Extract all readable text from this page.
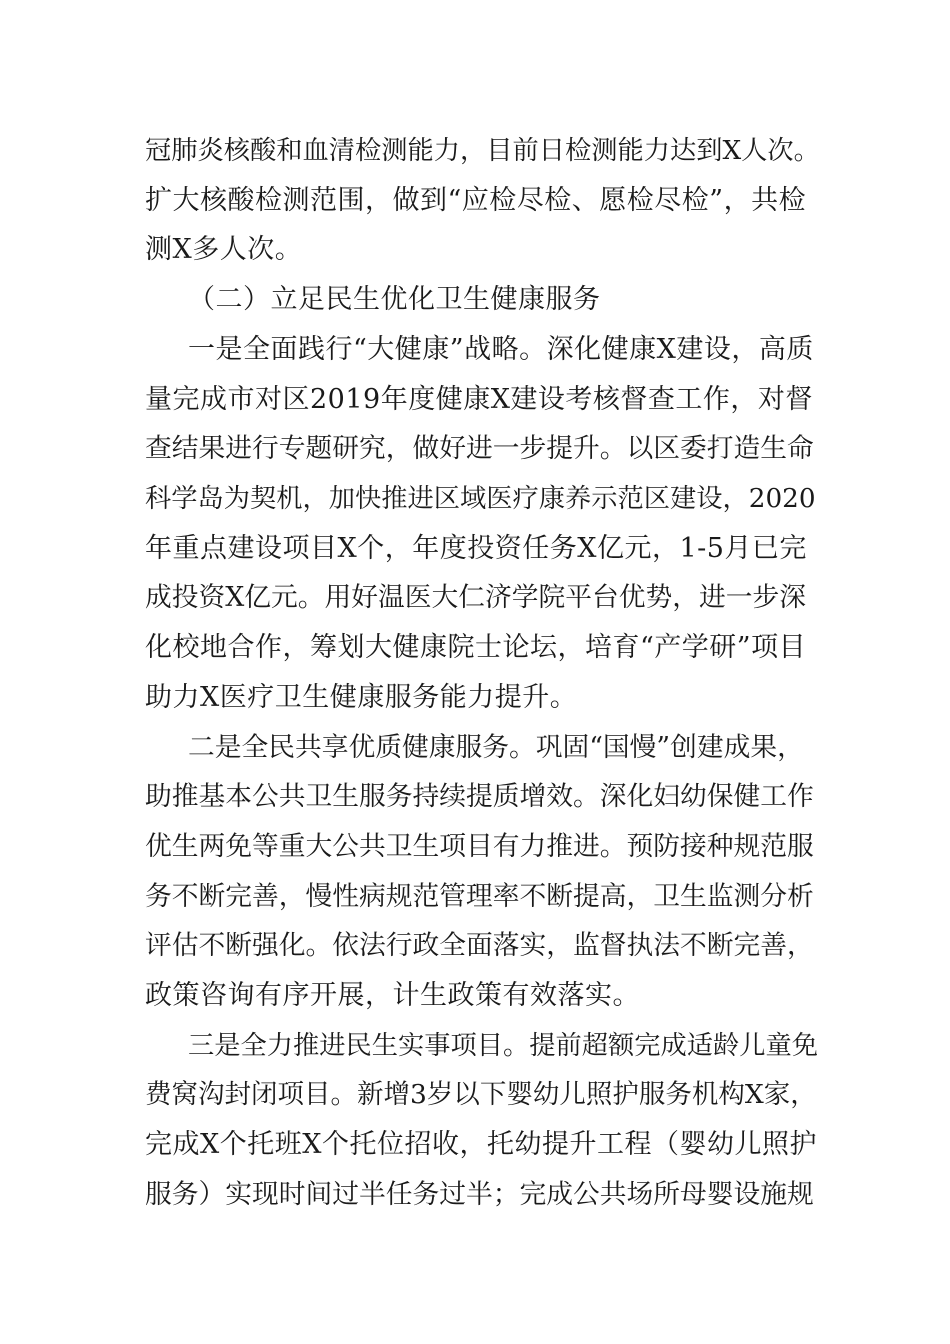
冠肺炎核酸和血清检测能力，目前日检测能力达到X人次。
扩大核酸检测范围，做到“应检尽检、愿检尽检”，共检
测X多人次。
（二）立足民生优化卫生健康服务
一是全面践行“大健康”战略。深化健康X建设，高质
量完成市对区2019年度健康X建设考核督查工作，对督
查结果进行专题研究，做好进一步提升。以区委打造生命
科学岛为契机，加快推进区域医疗康养示范区建设，2020
年重点建设项目X个，年度投资任务X亿元，1-5月已完
成投资X亿元。用好温医大仁济学院平台优势，进一步深
化校地合作，筹划大健康院士论坛，培育“产学研”项目
助力X医疗卫生健康服务能力提升。
二是全民共享优质健康服务。巩固“国慢”创建成果，
助推基本公共卫生服务持续提质增效。深化妇幼保健工作
优生两免等重大公共卫生项目有力推进。预防接种规范服
务不断完善，慢性病规范管理率不断提高，卫生监测分析
评估不断强化。依法行政全面落实，监督执法不断完善，
政策咨询有序开展，计生政策有效落实。
三是全力推进民生实事项目。提前超额完成适龄儿童免
费窝沟封闭项目。新增3岁以下婴幼儿照护服务机构X家，
完成X个托班X个托位招收，托幼提升工程（婴幼儿照护
服务）实现时间过半任务过半；完成公共场所母婴设施规
